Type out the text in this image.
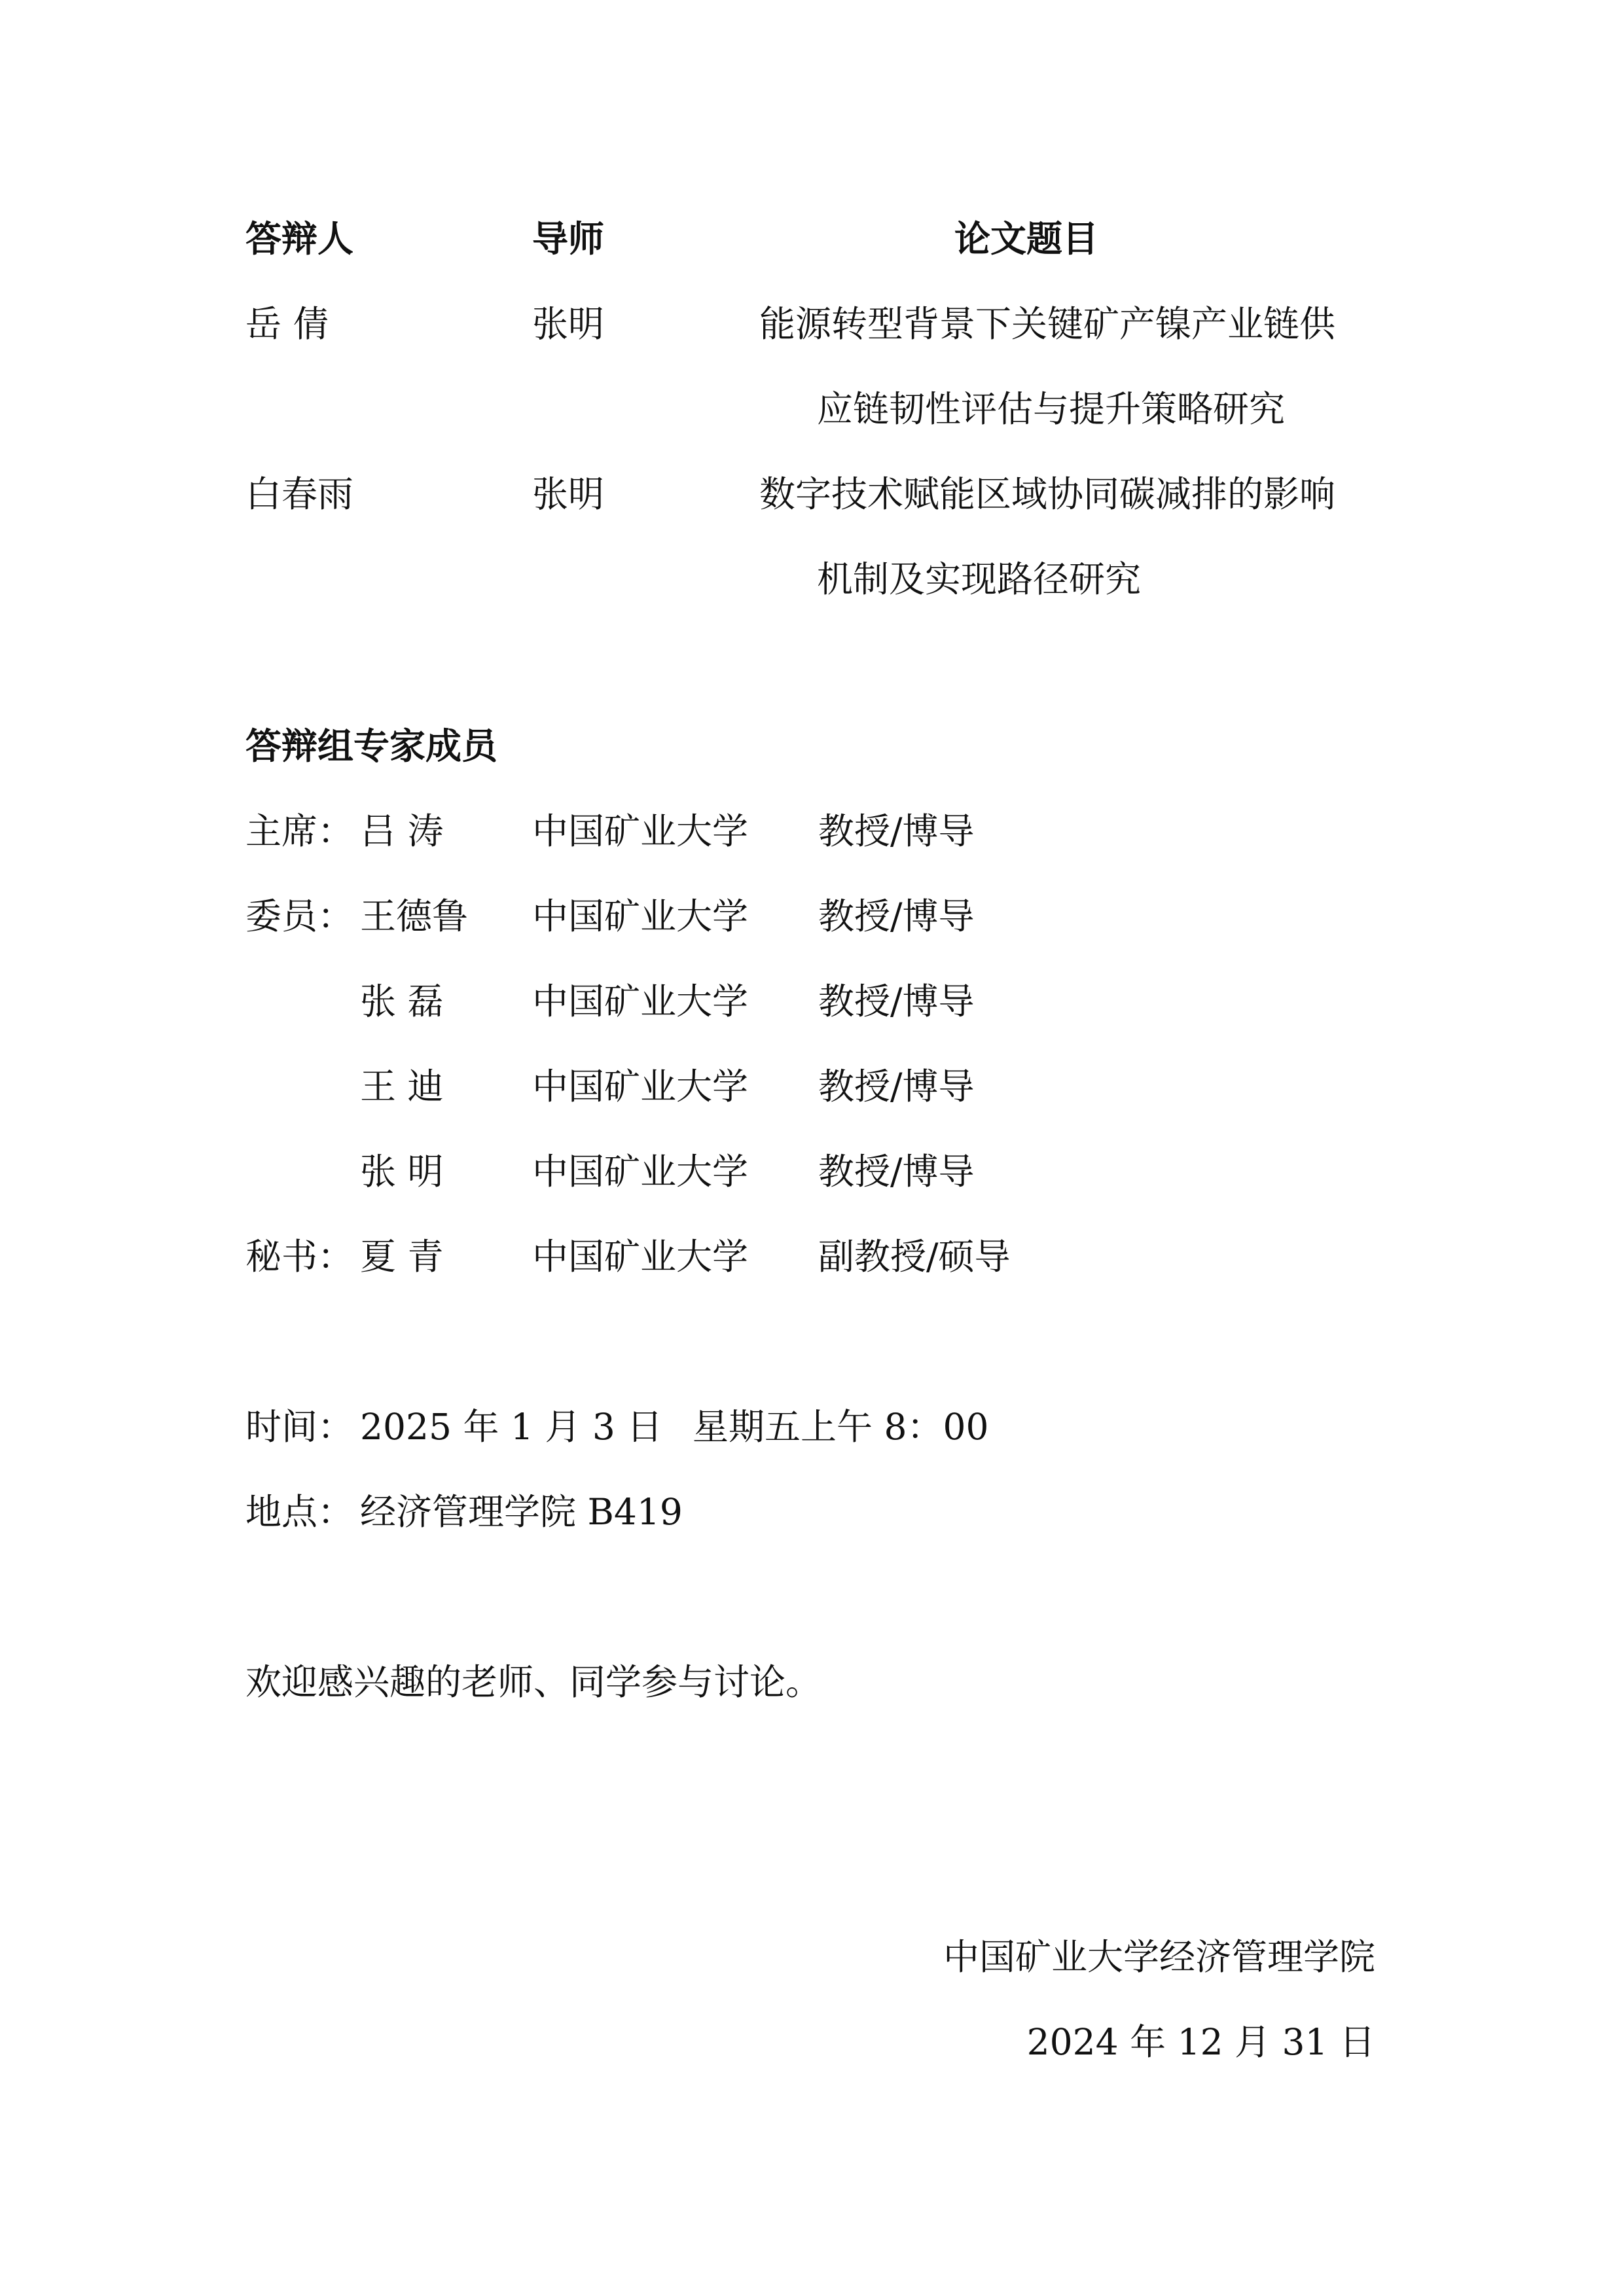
答辩人	导师	论文题目
岳 倩	张明	能源转型背景下关键矿产镍产业链供
应链韧性评估与提升策略研究
白春雨	张明	数字技术赋能区域协同碳减排的影响
机制及实现路径研究
答辩组专家成员
主席： 吕 涛 中国矿业大学 教授/博导
委员： 王德鲁 中国矿业大学 教授/博导
张 磊 中国矿业大学 教授/博导
王 迪 中国矿业大学 教授/博导
张 明 中国矿业大学 教授/博导
秘书： 夏 青 中国矿业大学 副教授/硕导
时间： 2025 年 1 月 3 日 星期五上午 8：00
地点： 经济管理学院 B419
欢迎感兴趣的老师、同学参与讨论。
中国矿业大学经济管理学院
2024 年 12 月 31 日
